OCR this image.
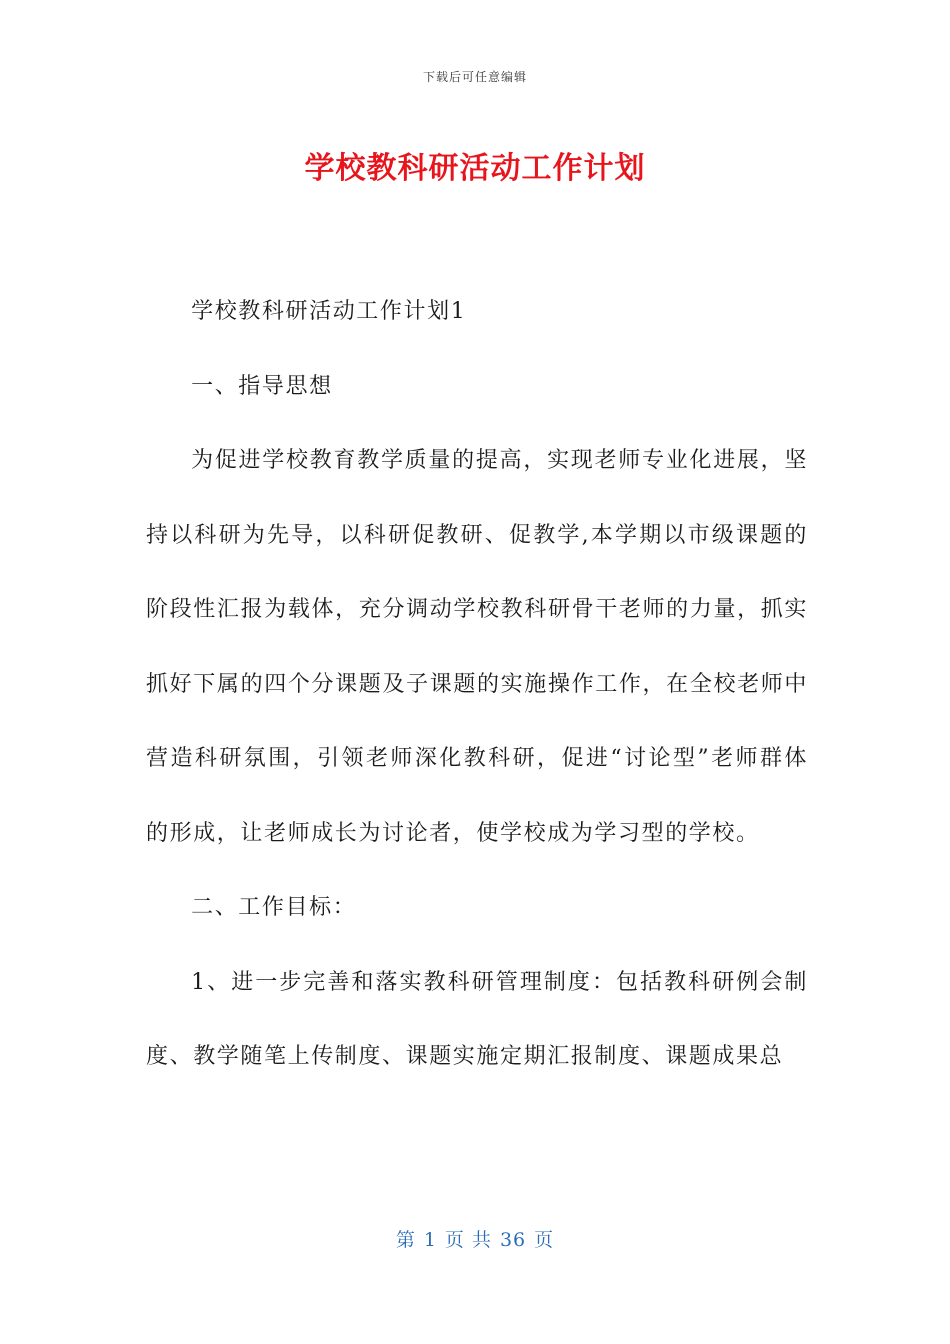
下载后可任意编辑
学校教科研活动工作计划

学校教科研活动工作计划1

一、指导思想

为促进学校教育教学质量的提高，实现老师专业化进展，坚持以科研为先导，以科研促教研、促教学,本学期以市级课题的阶段性汇报为载体，充分调动学校教科研骨干老师的力量，抓实抓好下属的四个分课题及子课题的实施操作工作，在全校老师中营造科研氛围，引领老师深化教科研，促进“讨论型”老师群体的形成，让老师成长为讨论者，使学校成为学习型的学校。

二、工作目标：

1、进一步完善和落实教科研管理制度：包括教科研例会制度、教学随笔上传制度、课题实施定期汇报制度、课题成果总

第 1 页 共 36 页
